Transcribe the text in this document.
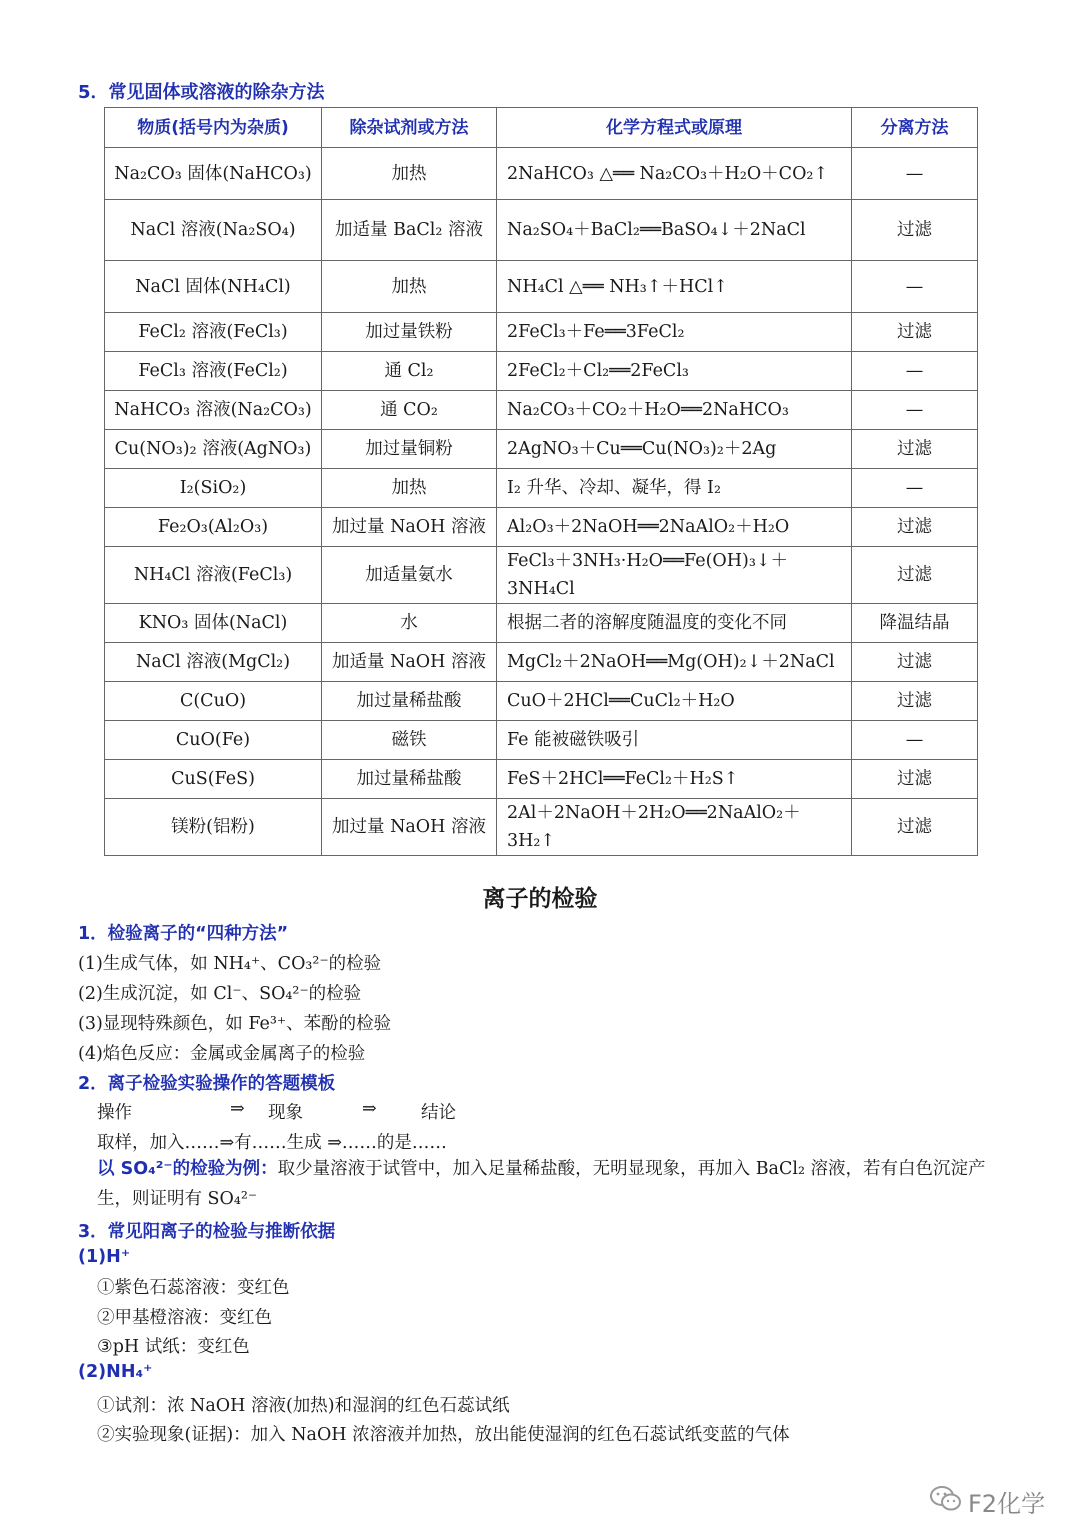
5．常见固体或溶液的除杂方法
物质(括号内为杂质)	除杂试剂或方法	化学方程式或原理	分离方法
Na₂CO₃ 固体(NaHCO₃)	加热	2NaHCO₃ △══ Na₂CO₃＋H₂O＋CO₂↑	—
NaCl 溶液(Na₂SO₄)	加适量 BaCl₂ 溶液	Na₂SO₄＋BaCl₂══BaSO₄↓＋2NaCl	过滤
NaCl 固体(NH₄Cl)	加热	NH₄Cl △══ NH₃↑＋HCl↑	—
FeCl₂ 溶液(FeCl₃)	加过量铁粉	2FeCl₃＋Fe══3FeCl₂	过滤
FeCl₃ 溶液(FeCl₂)	通 Cl₂	2FeCl₂＋Cl₂══2FeCl₃	—
NaHCO₃ 溶液(Na₂CO₃)	通 CO₂	Na₂CO₃＋CO₂＋H₂O══2NaHCO₃	—
Cu(NO₃)₂ 溶液(AgNO₃)	加过量铜粉	2AgNO₃＋Cu══Cu(NO₃)₂＋2Ag	过滤
I₂(SiO₂)	加热	I₂ 升华、冷却、凝华，得 I₂	—
Fe₂O₃(Al₂O₃)	加过量 NaOH 溶液	Al₂O₃＋2NaOH══2NaAlO₂＋H₂O	过滤
NH₄Cl 溶液(FeCl₃)	加适量氨水	FeCl₃＋3NH₃·H₂O══Fe(OH)₃↓＋3NH₄Cl	过滤
KNO₃ 固体(NaCl)	水	根据二者的溶解度随温度的变化不同	降温结晶
NaCl 溶液(MgCl₂)	加适量 NaOH 溶液	MgCl₂＋2NaOH══Mg(OH)₂↓＋2NaCl	过滤
C(CuO)	加过量稀盐酸	CuO＋2HCl══CuCl₂＋H₂O	过滤
CuO(Fe)	磁铁	Fe 能被磁铁吸引	—
CuS(FeS)	加过量稀盐酸	FeS＋2HCl══FeCl₂＋H₂S↑	过滤
镁粉(铝粉)	加过量 NaOH 溶液	2Al＋2NaOH＋2H₂O══2NaAlO₂＋3H₂↑	过滤
离子的检验
1．检验离子的“四种方法”
(1)生成气体，如 NH₄⁺、CO₃²⁻的检验
(2)生成沉淀，如 Cl⁻、SO₄²⁻的检验
(3)显现特殊颜色，如 Fe³⁺、苯酚的检验
(4)焰色反应：金属或金属离子的检验
2．离子检验实验操作的答题模板
操作	⇒ 现象	⇒	结论
取样，加入……⇒有……生成 ⇒……的是……
以 SO₄²⁻的检验为例：取少量溶液于试管中，加入足量稀盐酸，无明显现象，再加入 BaCl₂ 溶液，若有白色沉淀产生，则证明有 SO₄²⁻
3．常见阳离子的检验与推断依据
(1)H⁺
①紫色石蕊溶液：变红色
②甲基橙溶液：变红色
③pH 试纸：变红色
(2)NH₄⁺
①试剂：浓 NaOH 溶液(加热)和湿润的红色石蕊试纸
②实验现象(证据)：加入 NaOH 浓溶液并加热，放出能使湿润的红色石蕊试纸变蓝的气体
F2化学
